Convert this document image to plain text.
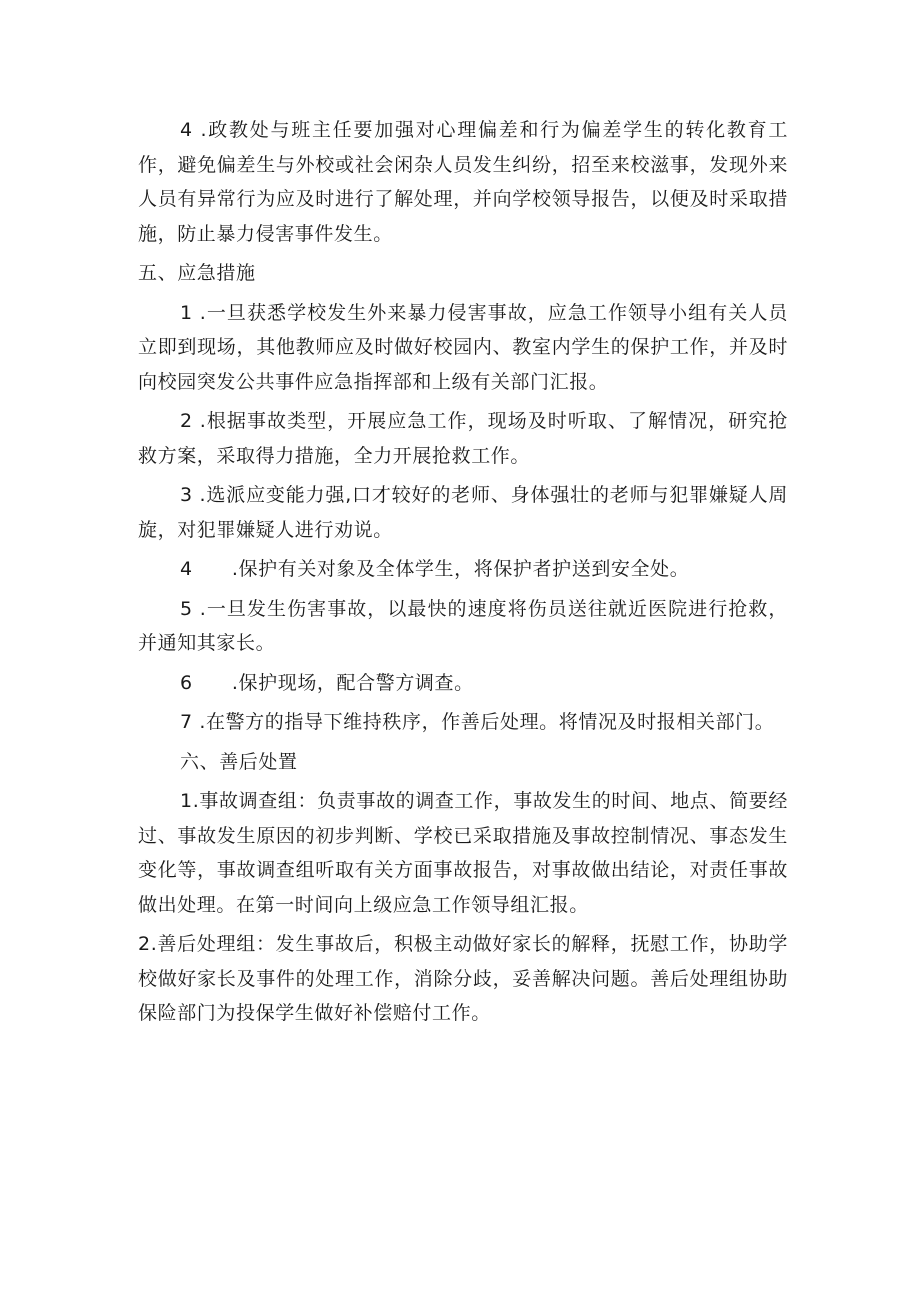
4 .政教处与班主任要加强对心理偏差和行为偏差学生的转化教育工作，避免偏差生与外校或社会闲杂人员发生纠纷，招至来校滋事，发现外来人员有异常行为应及时进行了解处理，并向学校领导报告，以便及时采取措施，防止暴力侵害事件发生。

五、应急措施

1 .一旦获悉学校发生外来暴力侵害事故，应急工作领导小组有关人员立即到现场，其他教师应及时做好校园内、教室内学生的保护工作，并及时向校园突发公共事件应急指挥部和上级有关部门汇报。

2 .根据事故类型，开展应急工作，现场及时听取、了解情况，研究抢救方案，采取得力措施，全力开展抢救工作。

3 .选派应变能力强,口才较好的老师、身体强壮的老师与犯罪嫌疑人周旋，对犯罪嫌疑人进行劝说。

4　　.保护有关对象及全体学生，将保护者护送到安全处。

5 .一旦发生伤害事故，以最快的速度将伤员送往就近医院进行抢救，并通知其家长。

6　　.保护现场，配合警方调查。

7 .在警方的指导下维持秩序，作善后处理。将情况及时报相关部门。

六、善后处置

1.事故调查组：负责事故的调查工作，事故发生的时间、地点、简要经过、事故发生原因的初步判断、学校已采取措施及事故控制情况、事态发生变化等，事故调查组听取有关方面事故报告，对事故做出结论，对责任事故做出处理。在第一时间向上级应急工作领导组汇报。

2.善后处理组：发生事故后，积极主动做好家长的解释，抚慰工作，协助学校做好家长及事件的处理工作，消除分歧，妥善解决问题。善后处理组协助保险部门为投保学生做好补偿赔付工作。
